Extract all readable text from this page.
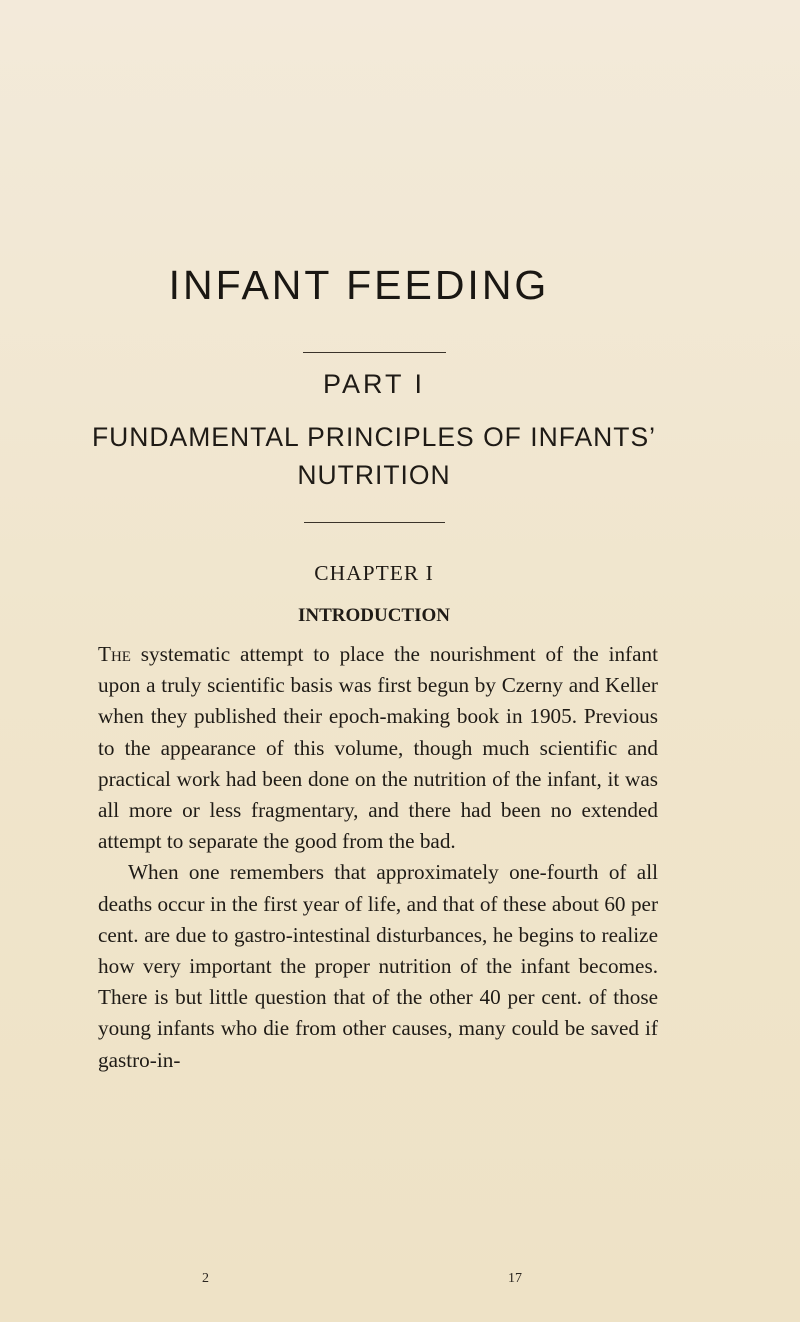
INFANT FEEDING
PART I
FUNDAMENTAL PRINCIPLES OF INFANTS’
NUTRITION
CHAPTER I
INTRODUCTION

The systematic attempt to place the nourishment of the infant upon a truly scientific basis was first begun by Czerny and Keller when they published their epoch-making book in 1905. Previous to the appearance of this volume, though much scientific and practical work had been done on the nutrition of the infant, it was all more or less fragmentary, and there had been no extended attempt to separate the good from the bad.

When one remembers that approximately one-fourth of all deaths occur in the first year of life, and that of these about 60 per cent. are due to gastro-intestinal disturbances, he begins to realize how very important the proper nutrition of the infant becomes. There is but little question that of the other 40 per cent. of those young infants who die from other causes, many could be saved if gastro-in-

2	17
